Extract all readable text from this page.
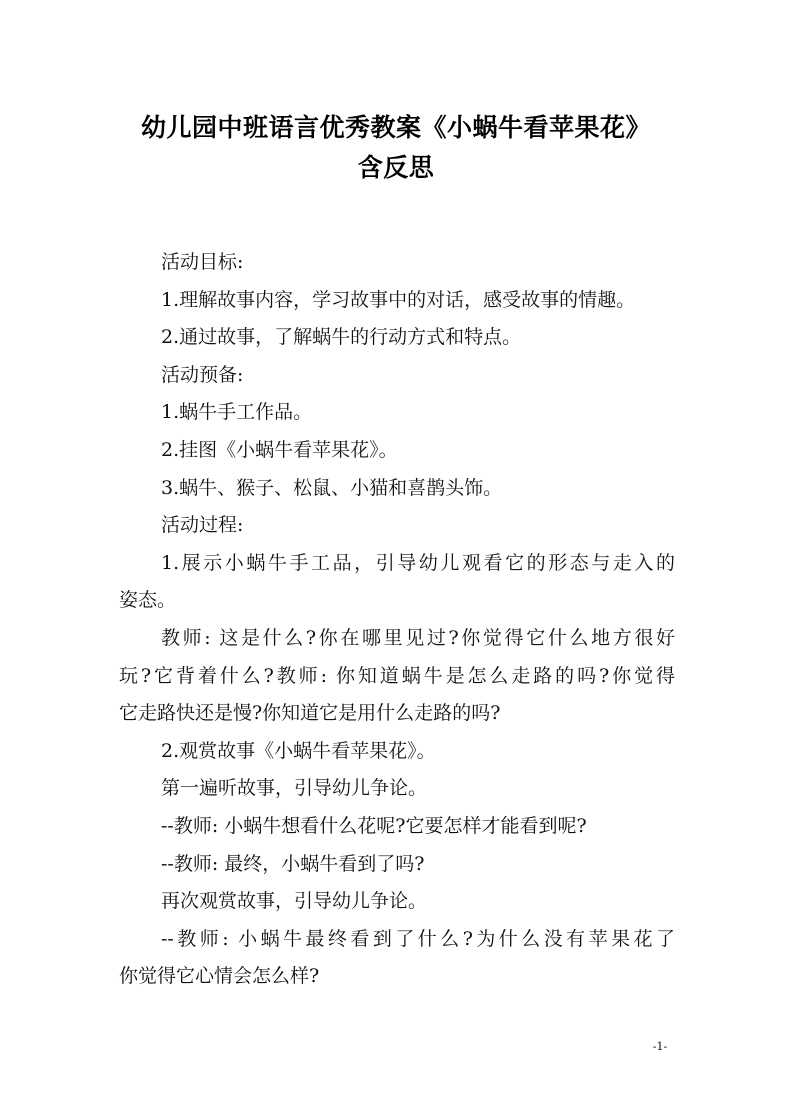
幼儿园中班语言优秀教案《小蜗牛看苹果花》
含反思
活动目标:
1.理解故事内容，学习故事中的对话，感受故事的情趣。
2.通过故事，了解蜗牛的行动方式和特点。
活动预备:
1.蜗牛手工作品。
2.挂图《小蜗牛看苹果花》。
3.蜗牛、猴子、松鼠、小猫和喜鹊头饰。
活动过程:
1.展示小蜗牛手工品，引导幼儿观看它的形态与走入的
姿态。
教师: 这是什么?你在哪里见过?你觉得它什么地方很好
玩?它背着什么?教师: 你知道蜗牛是怎么走路的吗?你觉得
它走路快还是慢?你知道它是用什么走路的吗?
2.观赏故事《小蜗牛看苹果花》。
第一遍听故事，引导幼儿争论。
--教师: 小蜗牛想看什么花呢?它要怎样才能看到呢?
--教师: 最终，小蜗牛看到了吗?
再次观赏故事，引导幼儿争论。
--教师: 小蜗牛最终看到了什么?为什么没有苹果花了
你觉得它心情会怎么样?
-1-
